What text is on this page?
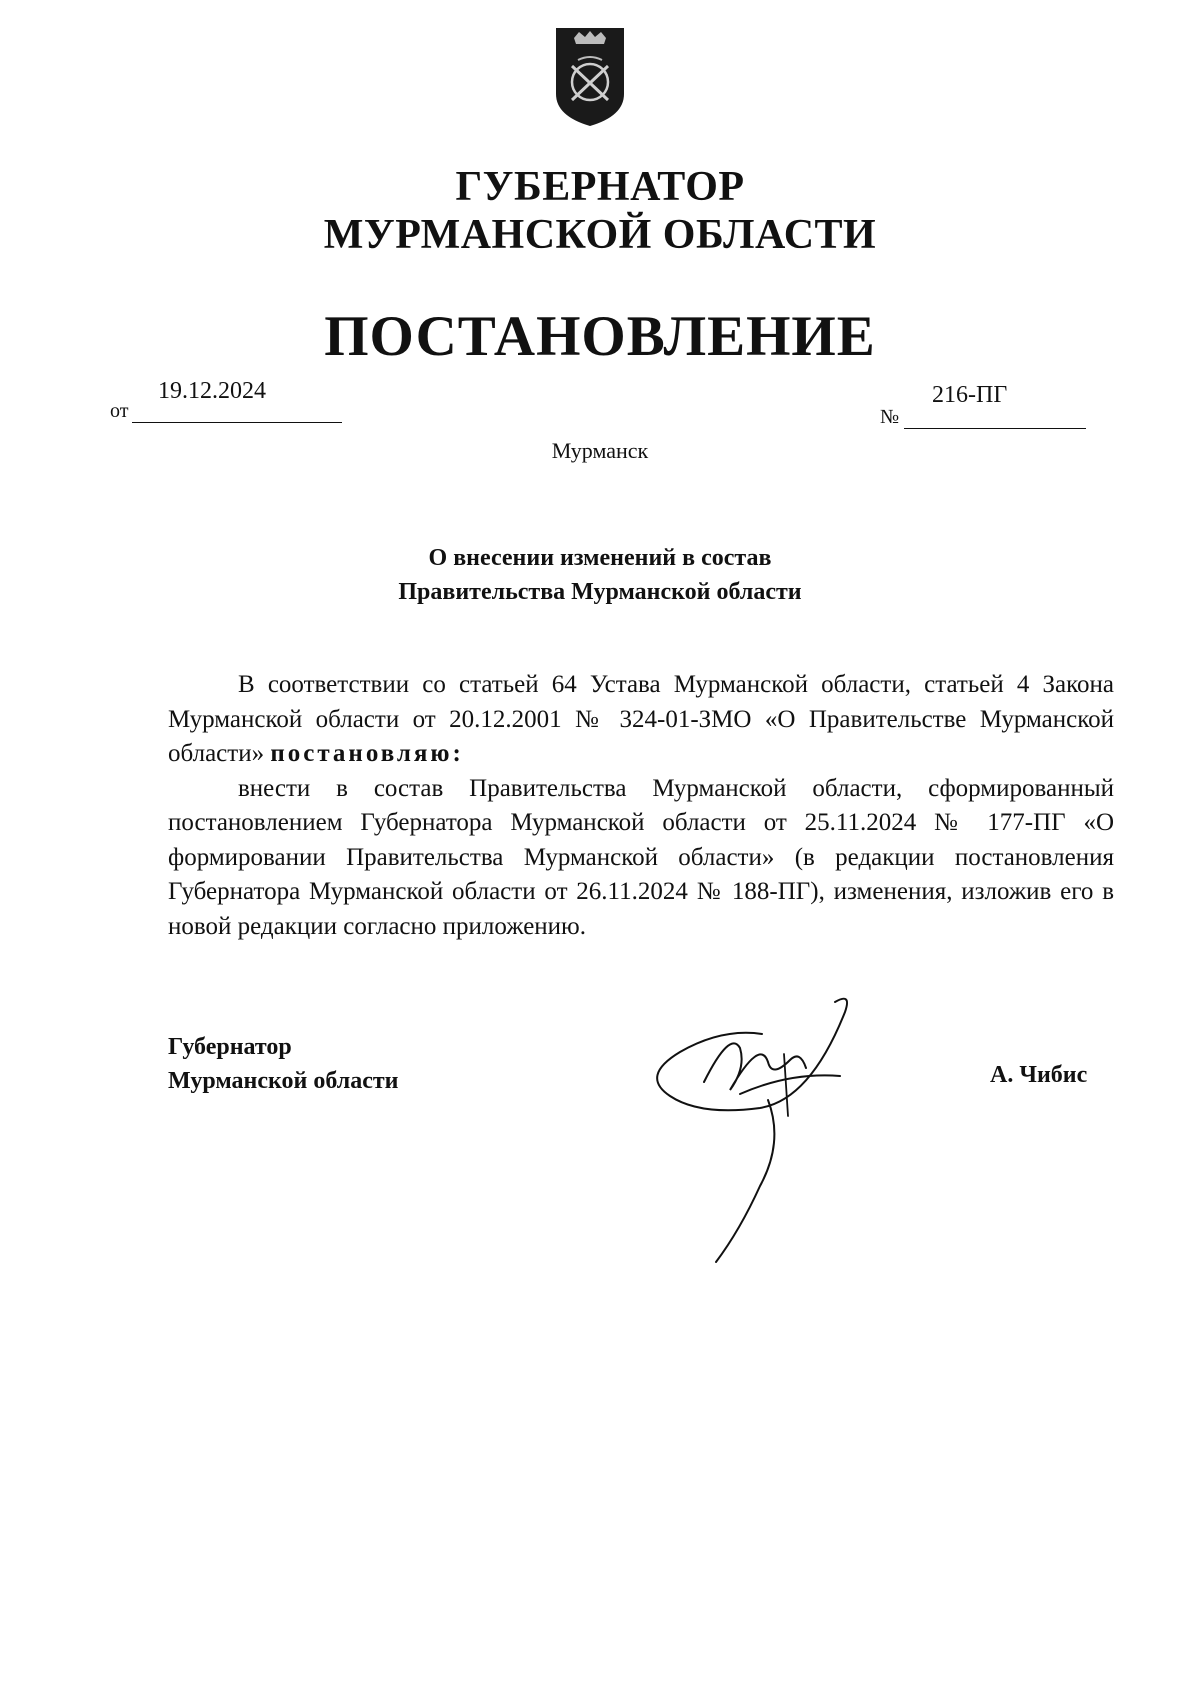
ГУБЕРНАТОР
МУРМАНСКОЙ ОБЛАСТИ
ПОСТАНОВЛЕНИЕ
от
19.12.2024
№
216-ПГ
Мурманск
О внесении изменений в состав
Правительства Мурманской области

В соответствии со статьей 64 Устава Мурманской области, статьей 4 Закона Мурманской области от 20.12.2001 № 324-01-ЗМО «О Правительстве Мурманской области» постановляю:

внести в состав Правительства Мурманской области, сформированный постановлением Губернатора Мурманской области от 25.11.2024 № 177-ПГ «О формировании Правительства Мурманской области» (в редакции постановления Губернатора Мурманской области от 26.11.2024 № 188-ПГ), изменения, изложив его в новой редакции согласно приложению.

Губернатор
Мурманской области	А. Чибис
